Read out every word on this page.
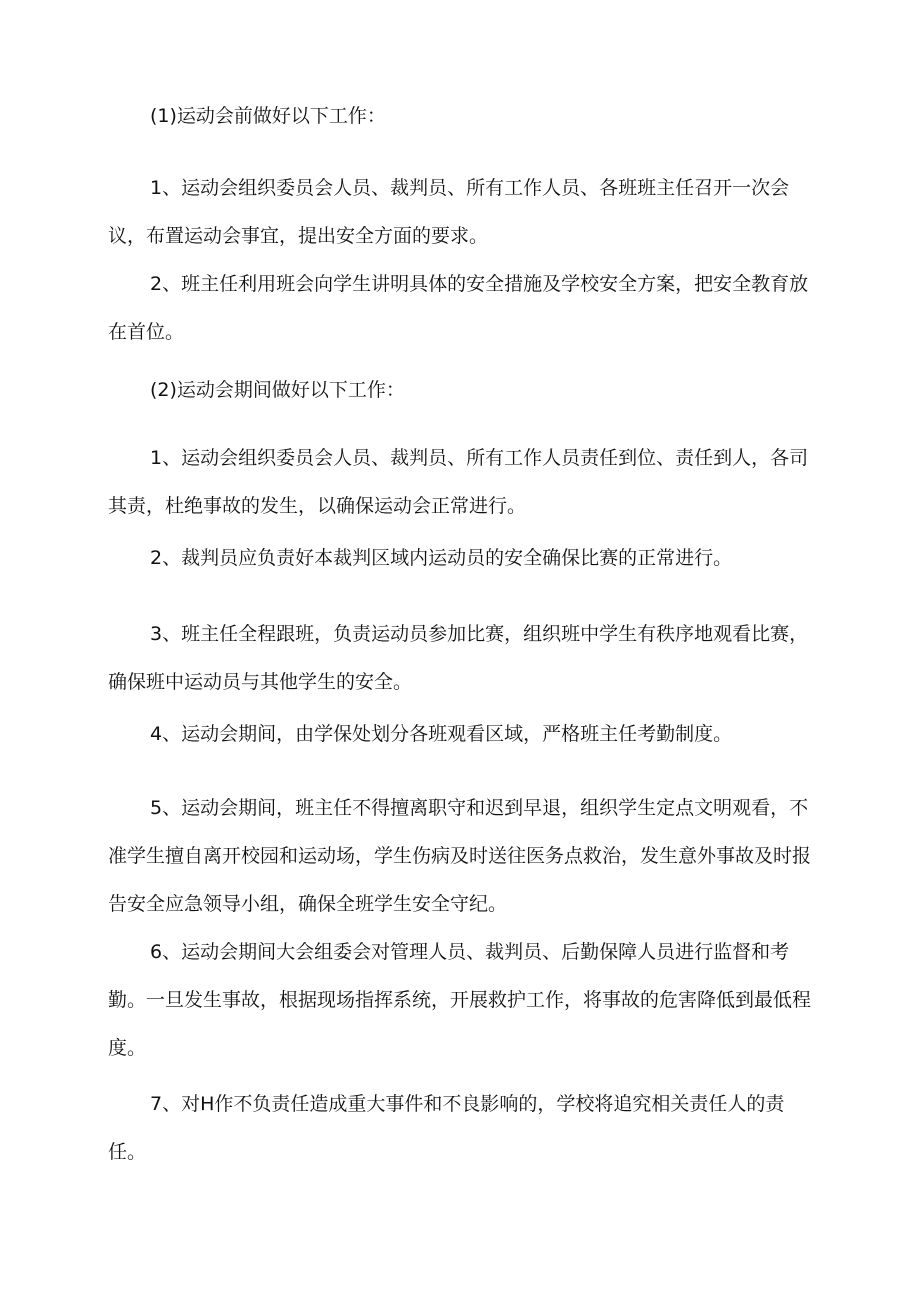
(1)运动会前做好以下工作：

1、运动会组织委员会人员、裁判员、所有工作人员、各班班主任召开一次会议，布置运动会事宜，提出安全方面的要求。

2、班主任利用班会向学生讲明具体的安全措施及学校安全方案，把安全教育放在首位。

(2)运动会期间做好以下工作：

1、运动会组织委员会人员、裁判员、所有工作人员责任到位、责任到人，各司其责，杜绝事故的发生，以确保运动会正常进行。

2、裁判员应负责好本裁判区域内运动员的安全确保比赛的正常进行。

3、班主任全程跟班，负责运动员参加比赛，组织班中学生有秩序地观看比赛，确保班中运动员与其他学生的安全。

4、运动会期间，由学保处划分各班观看区域，严格班主任考勤制度。

5、运动会期间，班主任不得擅离职守和迟到早退，组织学生定点文明观看，不准学生擅自离开校园和运动场，学生伤病及时送往医务点救治，发生意外事故及时报告安全应急领导小组，确保全班学生安全守纪。

6、运动会期间大会组委会对管理人员、裁判员、后勤保障人员进行监督和考勤。一旦发生事故，根据现场指挥系统，开展救护工作，将事故的危害降低到最低程度。

7、对Η作不负责任造成重大事件和不良影响的，学校将追究相关责任人的责任。
